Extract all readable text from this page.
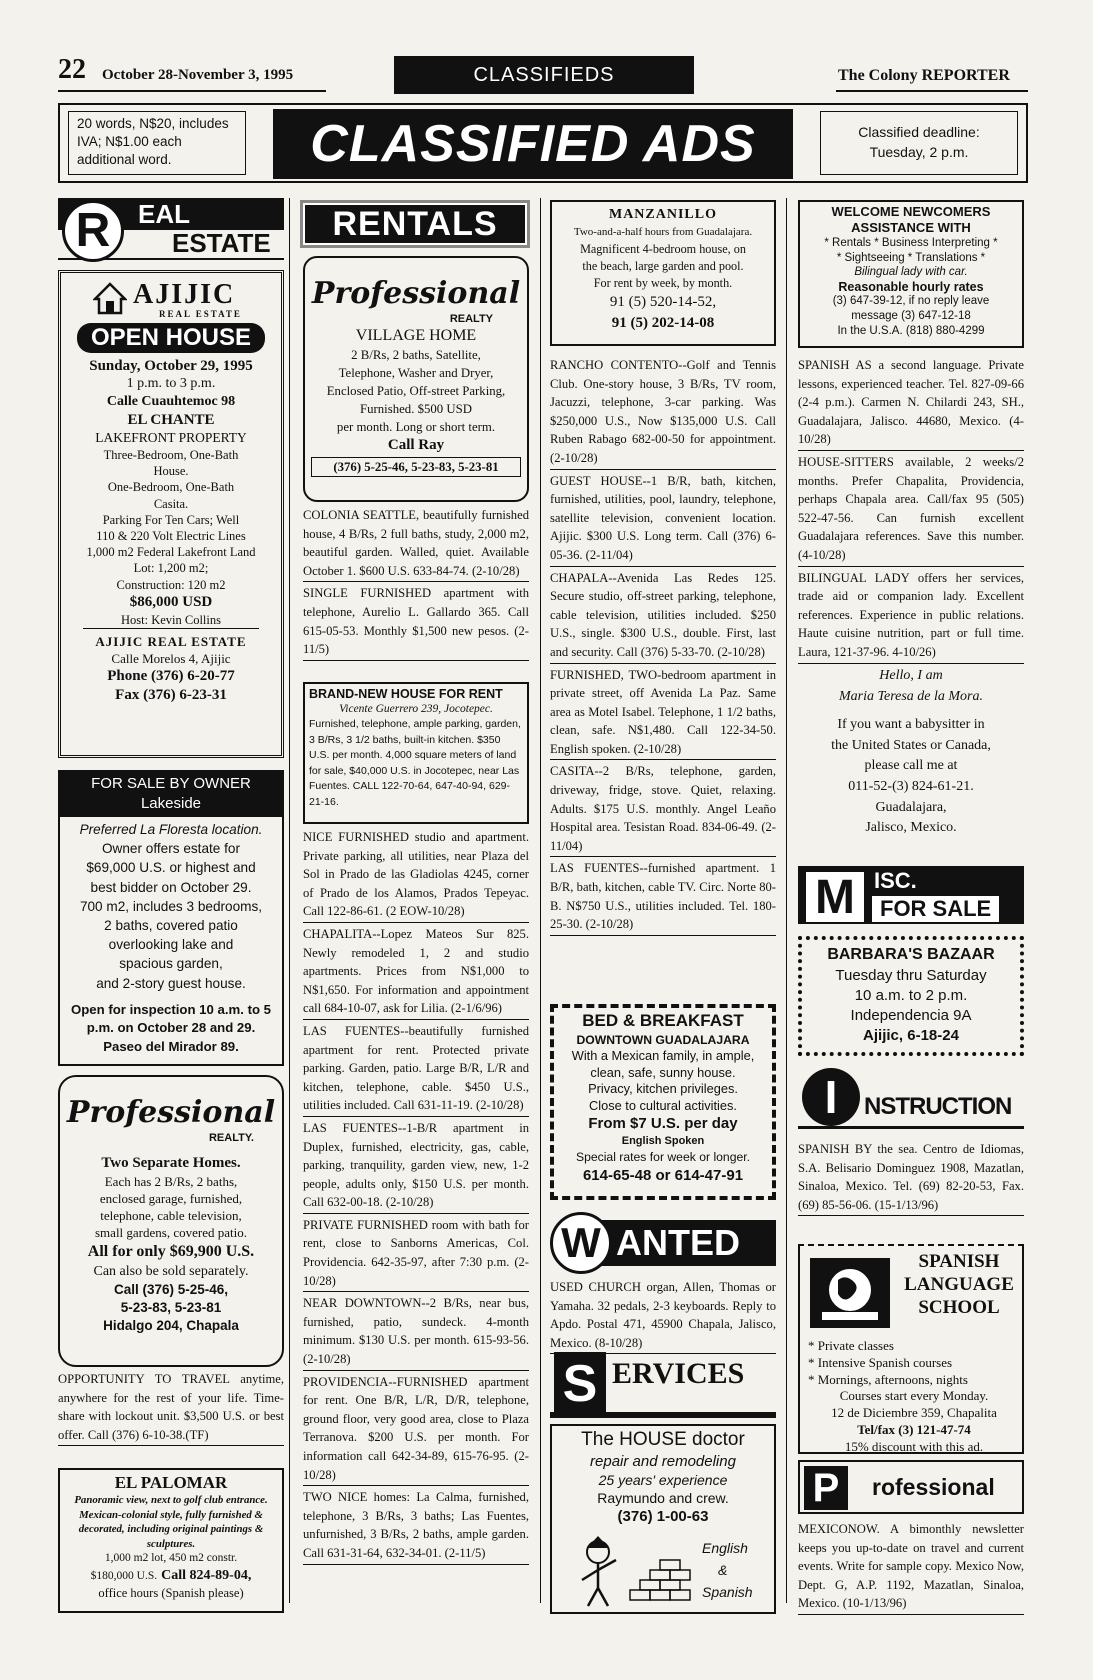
22 October 28-November 3, 1995	CLASSIFIEDS	The Colony REPORTER
20 words, N$20, includes IVA; N$1.00 each additional word.	CLASSIFIED ADS	Classified deadline:
Tuesday, 2 p.m.
R	EAL
ESTATE
AJIJIC
REAL ESTATE
OPEN HOUSE
Sunday, October 29, 1995
1 p.m. to 3 p.m.
Calle Cuauhtemoc 98
EL CHANTE
LAKEFRONT PROPERTY
Three-Bedroom, One-Bath
House.
One-Bedroom, One-Bath
Casita.
Parking For Ten Cars; Well
110 & 220 Volt Electric Lines
1,000 m2 Federal Lakefront Land
Lot: 1,200 m2;
Construction: 120 m2
$86,000 USD
Host: Kevin Collins
AJIJIC REAL ESTATE
Calle Morelos 4, Ajijic
Phone (376) 6-20-77
Fax (376) 6-23-31
FOR SALE BY OWNER
Lakeside
Preferred La Floresta location.
Owner offers estate for
$69,000 U.S. or highest and
best bidder on October 29.
700 m2, includes 3 bedrooms,
2 baths, covered patio
overlooking lake and
spacious garden,
and 2-story guest house.
Open for inspection 10 a.m. to 5 p.m. on October 28 and 29. Paseo del Mirador 89.
Professional
REALTY.
Two Separate Homes.
Each has 2 B/Rs, 2 baths,
enclosed garage, furnished,
telephone, cable television,
small gardens, covered patio.
All for only $69,900 U.S.
Can also be sold separately.
Call (376) 5-25-46,
5-23-83, 5-23-81
Hidalgo 204, Chapala

OPPORTUNITY TO TRAVEL anytime, anywhere for the rest of your life. Time-share with lockout unit. $3,500 U.S. or best offer. Call (376) 6-10-38.(TF)

EL PALOMAR
Panoramic view, next to golf club entrance. Mexican-colonial style, fully furnished & decorated, including original paintings & sculptures.
1,000 m2 lot, 450 m2 constr.
$180,000 U.S. Call 824-89-04,
office hours (Spanish please)
RENTALS
Professional
REALTY
VILLAGE HOME
2 B/Rs, 2 baths, Satellite,
Telephone, Washer and Dryer,
Enclosed Patio, Off-street Parking,
Furnished. $500 USD
per month. Long or short term.
Call Ray
(376) 5-25-46, 5-23-83, 5-23-81

COLONIA SEATTLE, beautifully furnished house, 4 B/Rs, 2 full baths, study, 2,000 m2, beautiful garden. Walled, quiet. Available October 1. $600 U.S. 633-84-74. (2-10/28)

SINGLE FURNISHED apartment with telephone, Aurelio L. Gallardo 365. Call 615-05-53. Monthly $1,500 new pesos. (2-11/5)

BRAND-NEW HOUSE FOR RENT
Vicente Guerrero 239, Jocotepec.
Furnished, telephone, ample parking, garden, 3 B/Rs, 3 1/2 baths, built-in kitchen. $350 U.S. per month. 4,000 square meters of land for sale, $40,000 U.S. in Jocotepec, near Las Fuentes. CALL 122-70-64, 647-40-94, 629-21-16.

NICE FURNISHED studio and apartment. Private parking, all utilities, near Plaza del Sol in Prado de las Gladiolas 4245, corner of Prado de los Alamos, Prados Tepeyac. Call 122-86-61. (2 EOW-10/28)

CHAPALITA--Lopez Mateos Sur 825. Newly remodeled 1, 2 and studio apartments. Prices from N$1,000 to N$1,650. For information and appointment call 684-10-07, ask for Lilia. (2-1/6/96)

LAS FUENTES--beautifully furnished apartment for rent. Protected private parking. Garden, patio. Large B/R, L/R and kitchen, telephone, cable. $450 U.S., utilities included. Call 631-11-19. (2-10/28)

LAS FUENTES--1-B/R apartment in Duplex, furnished, electricity, gas, cable, parking, tranquility, garden view, new, 1-2 people, adults only, $150 U.S. per month. Call 632-00-18. (2-10/28)

PRIVATE FURNISHED room with bath for rent, close to Sanborns Americas, Col. Providencia. 642-35-97, after 7:30 p.m. (2-10/28)

NEAR DOWNTOWN--2 B/Rs, near bus, furnished, patio, sundeck. 4-month minimum. $130 U.S. per month. 615-93-56. (2-10/28)

PROVIDENCIA--FURNISHED apartment for rent. One B/R, L/R, D/R, telephone, ground floor, very good area, close to Plaza Terranova. $200 U.S. per month. For information call 642-34-89, 615-76-95. (2-10/28)

TWO NICE homes: La Calma, furnished, telephone, 3 B/Rs, 3 baths; Las Fuentes, unfurnished, 3 B/Rs, 2 baths, ample garden. Call 631-31-64, 632-34-01. (2-11/5)

MANZANILLO
Two-and-a-half hours from Guadalajara.
Magnificent 4-bedroom house, on
the beach, large garden and pool.
For rent by week, by month.
91 (5) 520-14-52,
91 (5) 202-14-08

RANCHO CONTENTO--Golf and Tennis Club. One-story house, 3 B/Rs, TV room, Jacuzzi, telephone, 3-car parking. Was $250,000 U.S., Now $135,000 U.S. Call Ruben Rabago 682-00-50 for appointment. (2-10/28)

GUEST HOUSE--1 B/R, bath, kitchen, furnished, utilities, pool, laundry, telephone, satellite television, convenient location. Ajijic. $300 U.S. Long term. Call (376) 6-05-36. (2-11/04)

CHAPALA--Avenida Las Redes 125. Secure studio, off-street parking, telephone, cable television, utilities included. $250 U.S., single. $300 U.S., double. First, last and security. Call (376) 5-33-70. (2-10/28)

FURNISHED, TWO-bedroom apartment in private street, off Avenida La Paz. Same area as Motel Isabel. Telephone, 1 1/2 baths, clean, safe. N$1,480. Call 122-34-50. English spoken. (2-10/28)

CASITA--2 B/Rs, telephone, garden, driveway, fridge, stove. Quiet, relaxing. Adults. $175 U.S. monthly. Angel Leaño Hospital area. Tesistan Road. 834-06-49. (2-11/04)

LAS FUENTES--furnished apartment. 1 B/R, bath, kitchen, cable TV. Circ. Norte 80-B. N$750 U.S., utilities included. Tel. 180-25-30. (2-10/28)

BED & BREAKFAST
DOWNTOWN GUADALAJARA
With a Mexican family, in ample,
clean, safe, sunny house.
Privacy, kitchen privileges.
Close to cultural activities.
From $7 U.S. per day
English Spoken
Special rates for week or longer.
614-65-48 or 614-47-91
W ANTED

USED CHURCH organ, Allen, Thomas or Yamaha. 32 pedals, 2-3 keyboards. Reply to Apdo. Postal 471, 45900 Chapala, Jalisco, Mexico. (8-10/28)

S ERVICES
The HOUSE doctor
repair and remodeling
25 years' experience
Raymundo and crew.
(376) 1-00-63
English
&
Spanish
WELCOME NEWCOMERS
ASSISTANCE WITH
* Rentals * Business Interpreting *
* Sightseeing * Translations *
Bilingual lady with car.
Reasonable hourly rates
(3) 647-39-12, if no reply leave
message (3) 647-12-18
In the U.S.A. (818) 880-4299

SPANISH AS a second language. Private lessons, experienced teacher. Tel. 827-09-66 (2-4 p.m.). Carmen N. Chilardi 243, SH., Guadalajara, Jalisco. 44680, Mexico. (4-10/28)

HOUSE-SITTERS available, 2 weeks/2 months. Prefer Chapalita, Providencia, perhaps Chapala area. Call/fax 95 (505) 522-47-56. Can furnish excellent Guadalajara references. Save this number. (4-10/28)

BILINGUAL LADY offers her services, trade aid or companion lady. Excellent references. Experience in public relations. Haute cuisine nutrition, part or full time. Laura, 121-37-96. 4-10/26)

Hello, I am
Maria Teresa de la Mora.
If you want a babysitter in
the United States or Canada,
please call me at
011-52-(3) 824-61-21.
Guadalajara,
Jalisco, Mexico.
M ISC.
FOR SALE
BARBARA'S BAZAAR
Tuesday thru Saturday
10 a.m. to 2 p.m.
Independencia 9A
Ajijic, 6-18-24
I	NSTRUCTION

SPANISH BY the sea. Centro de Idiomas, S.A. Belisario Dominguez 1908, Mazatlan, Sinaloa, Mexico. Tel. (69) 82-20-53, Fax. (69) 85-56-06. (15-1/13/96)

SPANISH
LANGUAGE
SCHOOL
* Private classes
* Intensive Spanish courses
* Mornings, afternoons, nights
Courses start every Monday.
12 de Diciembre 359, Chapalita
Tel/fax (3) 121-47-74
15% discount with this ad.
P	rofessional

MEXICONOW. A bimonthly newsletter keeps you up-to-date on travel and current events. Write for sample copy. Mexico Now, Dept. G, A.P. 1192, Mazatlan, Sinaloa, Mexico. (10-1/13/96)
